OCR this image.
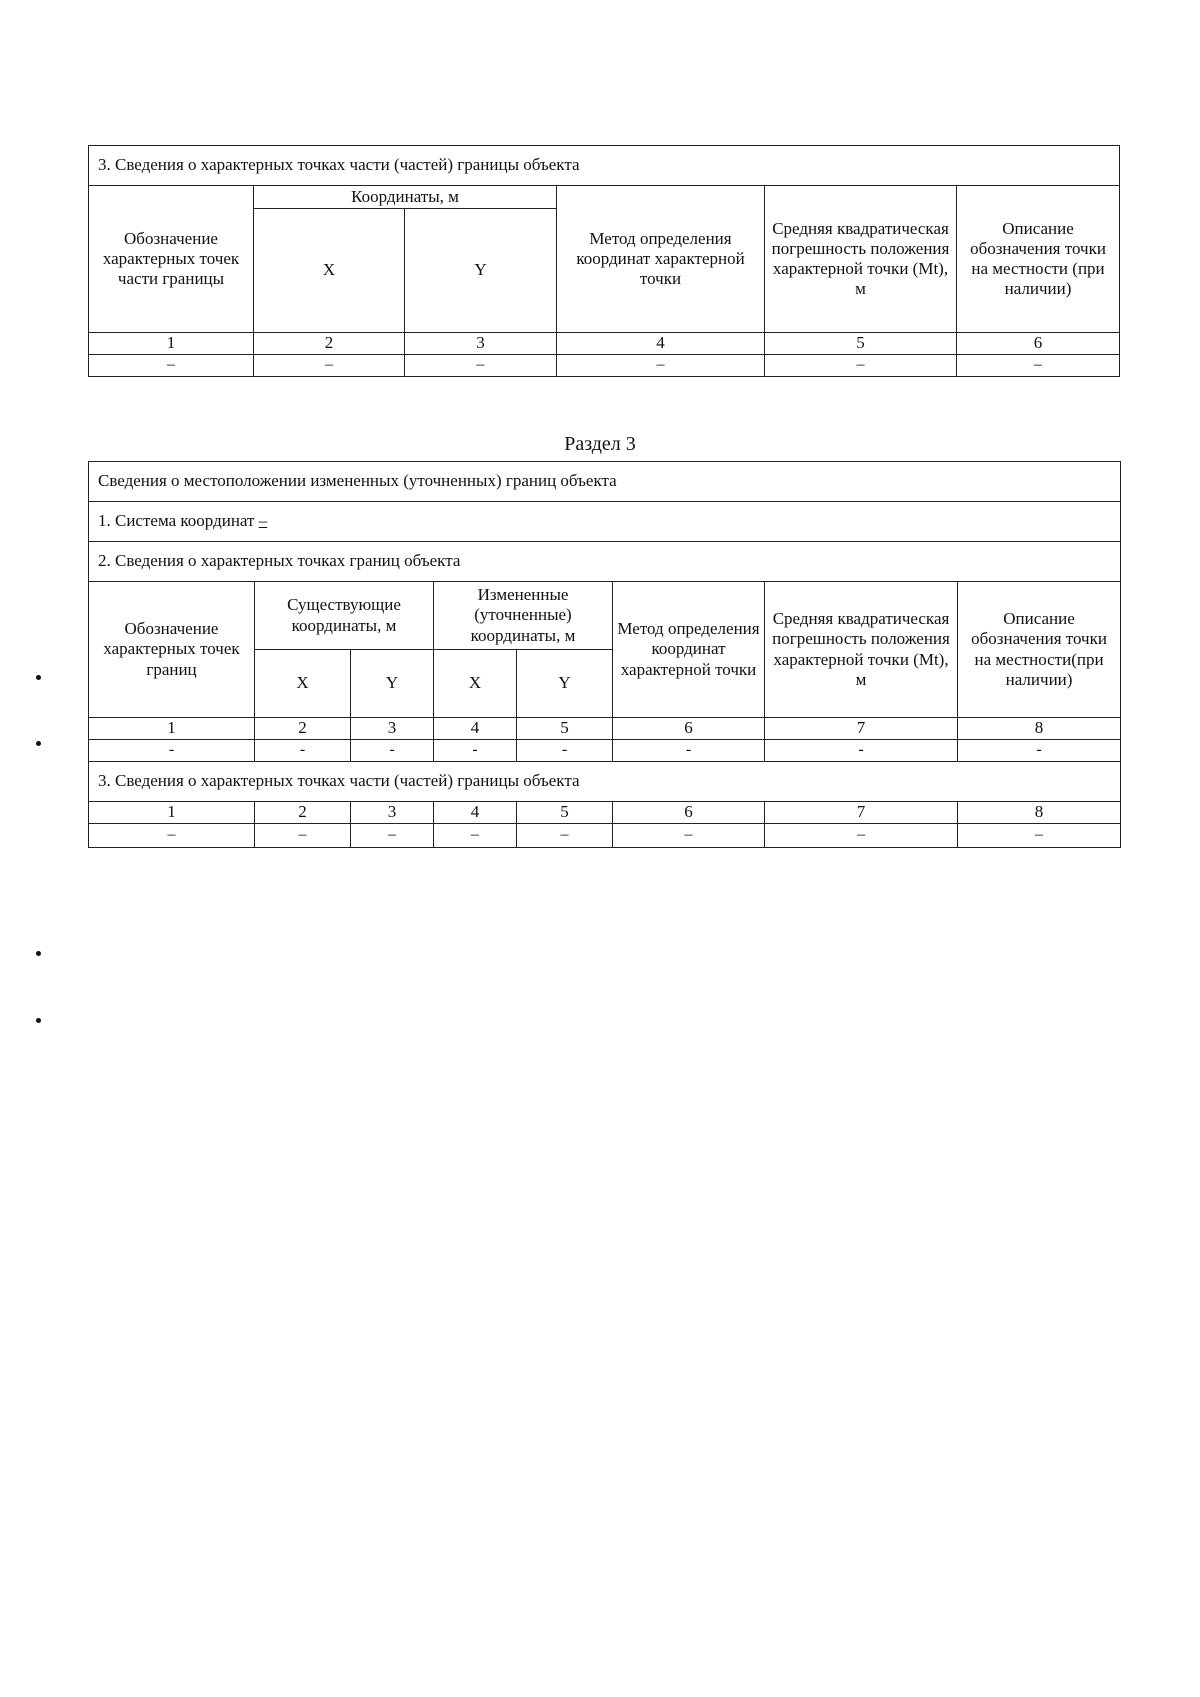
3. Сведения о характерных точках части (частей) границы объекта					
Обозначение характерных точек части границы	Координаты, м		Метод определения координат характерной точки	Средняя квадратическая погрешность положения характерной точки (Mt), м	Описание обозначения точки на местности (при наличии)
	X	Y			
1	2	3	4	5	6
–	–	–	–	–	–
Раздел 3
Сведения о местоположении измененных (уточненных) границ объекта							
1. Система координат –							
2. Сведения о характерных точках границ объекта							
Обозначение характерных точек границ	Существующие координаты, м		Измененные (уточненные) координаты, м		Метод определения координат характерной точки	Средняя квадратическая погрешность положения характерной точки (Mt), м	Описание обозначения точки на местности(при наличии)
	X	Y	X	Y			
1	2	3	4	5	6	7	8
-	-	-	-	-	-	-	-
3. Сведения о характерных точках части (частей) границы объекта							
1	2	3	4	5	6	7	8
–	–	–	–	–	–	–	–
